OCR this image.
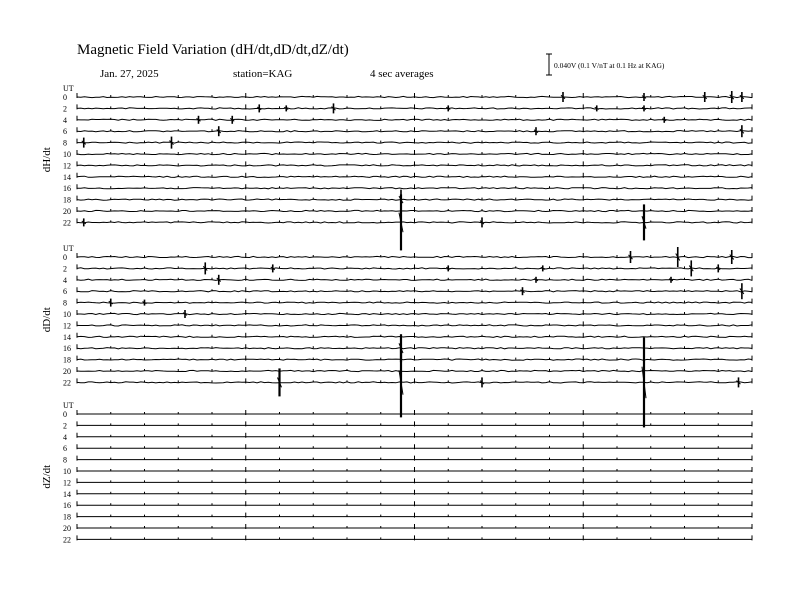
Magnetic Field Variation (dH/dt,dD/dt,dZ/dt)
Jan. 27, 2025	station=KAG	4 sec averages
0.040V (0.1 V/nT at 0.1 Hz at KAG)
UT
dH/dt
0
2
4
6
8
10
12
14
16
18
20
22
UT
dD/dt
0
2
4
6
8
10
12
14
16
18
20
22
UT
dZ/dt
0
2
4
6
8
10
12
14
16
18
20
22
